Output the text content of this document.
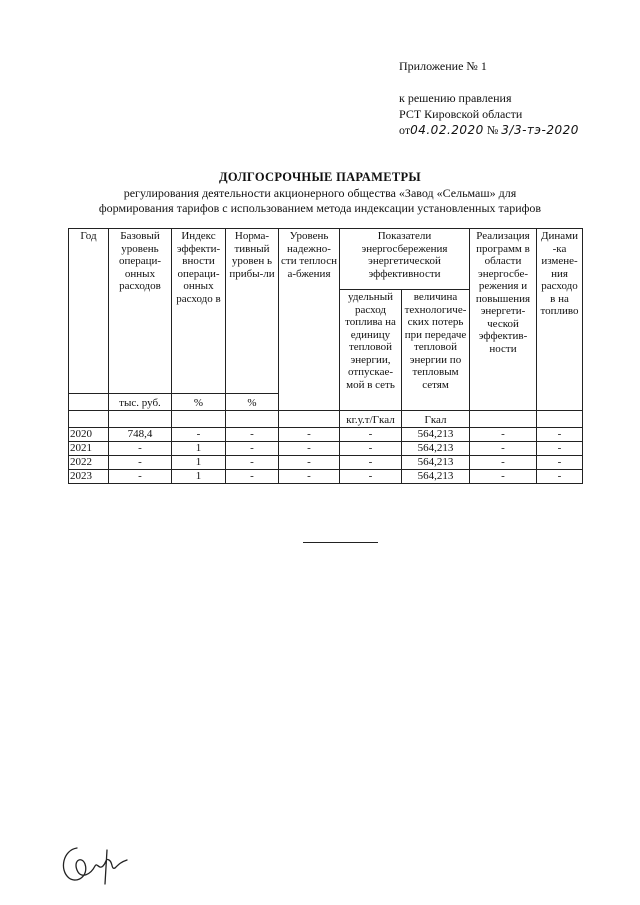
Приложение № 1
к решению правления
РСТ Кировской области
от04.02.2020 № 3/3-тэ-2020
ДОЛГОСРОЧНЫЕ ПАРАМЕТРЫ
регулирования деятельности акционерного общества «Завод «Сельмаш» для
формирования тарифов с использованием метода индексации установленных тарифов
Год	Базовый уровень операци-онных расходов	Индекс эффекти-вности операци-онных расходо в	Норма-тивный уровен ь прибы-ли	Уровень надежно-сти теплосн а-бжения	Показатели энергосбережения энергетической эффективности		Реализация программ в области энергосбе-режения и повышения энергети-ческой эффектив-ности	Динами -ка измене-ния расходо в на топливо
					удельный расход топлива на единицу тепловой энергии, отпускае-мой в сеть	величина технологиче-ских потерь при передаче тепловой энергии по тепловым сетям		
	тыс. руб.	%	%					
					кг.у.т/Гкал	Гкал		
2020	748,4	-	-	-	-	564,213	-	-
2021	-	1	-	-	-	564,213	-	-
2022	-	1	-	-	-	564,213	-	-
2023	-	1	-	-	-	564,213	-	-
